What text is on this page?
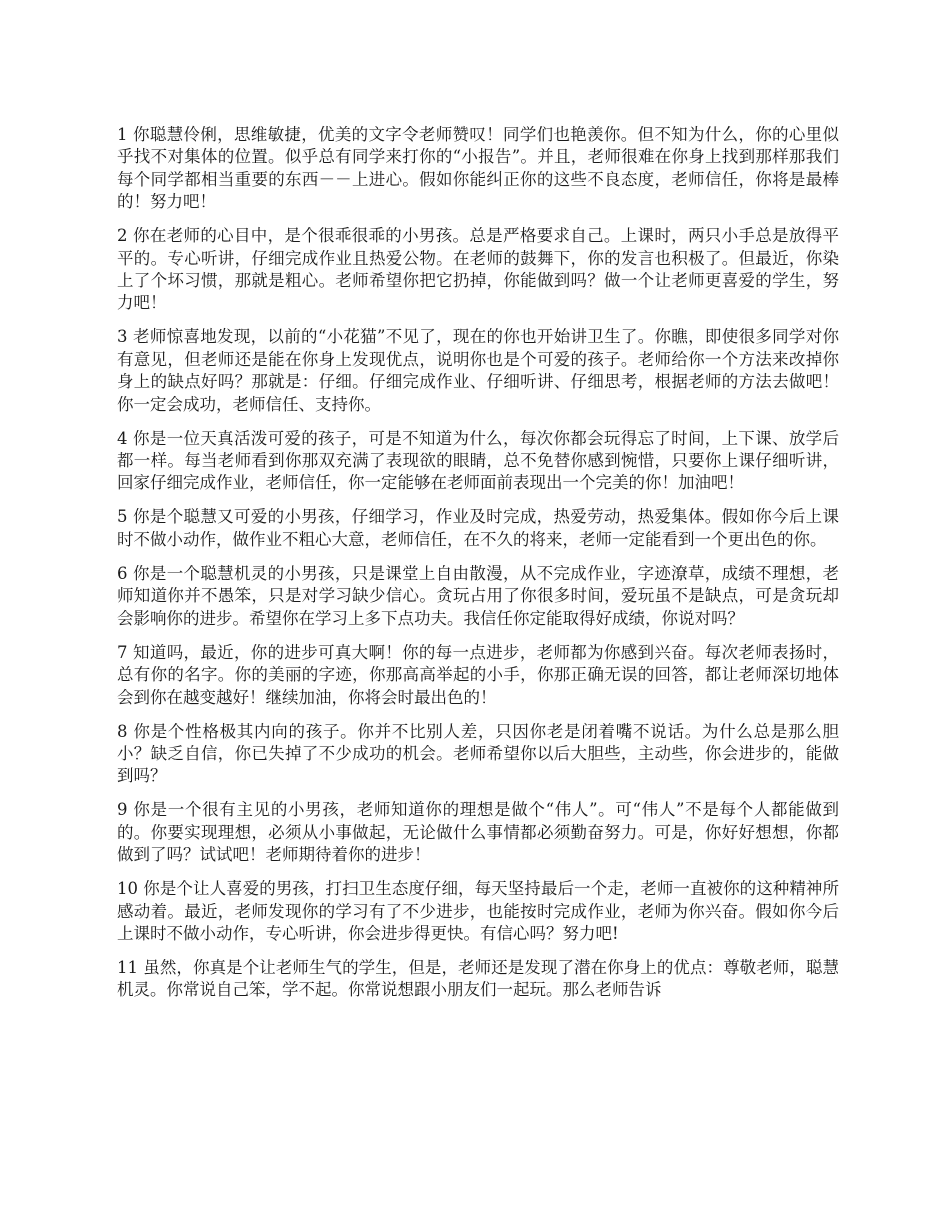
1 你聪慧伶俐，思维敏捷，优美的文字令老师赞叹！同学们也艳羡你。但不知为什么，你的心里似乎找不对集体的位置。似乎总有同学来打你的“小报告”。并且，老师很难在你身上找到那样那我们每个同学都相当重要的东西－－上进心。假如你能纠正你的这些不良态度，老师信任，你将是最棒的！努力吧！

2 你在老师的心目中，是个很乖很乖的小男孩。总是严格要求自己。上课时，两只小手总是放得平平的。专心听讲，仔细完成作业且热爱公物。在老师的鼓舞下，你的发言也积极了。但最近，你染上了个坏习惯，那就是粗心。老师希望你把它扔掉，你能做到吗？做一个让老师更喜爱的学生，努力吧！

3 老师惊喜地发现，以前的“小花猫”不见了，现在的你也开始讲卫生了。你瞧，即使很多同学对你有意见，但老师还是能在你身上发现优点，说明你也是个可爱的孩子。老师给你一个方法来改掉你身上的缺点好吗？那就是：仔细。仔细完成作业、仔细听讲、仔细思考，根据老师的方法去做吧！你一定会成功，老师信任、支持你。

4 你是一位天真活泼可爱的孩子，可是不知道为什么，每次你都会玩得忘了时间，上下课、放学后都一样。每当老师看到你那双充满了表现欲的眼睛，总不免替你感到惋惜，只要你上课仔细听讲，回家仔细完成作业，老师信任，你一定能够在老师面前表现出一个完美的你！加油吧！

5 你是个聪慧又可爱的小男孩，仔细学习，作业及时完成，热爱劳动，热爱集体。假如你今后上课时不做小动作，做作业不粗心大意，老师信任，在不久的将来，老师一定能看到一个更出色的你。

6 你是一个聪慧机灵的小男孩，只是课堂上自由散漫，从不完成作业，字迹潦草，成绩不理想，老师知道你并不愚笨，只是对学习缺少信心。贪玩占用了你很多时间，爱玩虽不是缺点，可是贪玩却会影响你的进步。希望你在学习上多下点功夫。我信任你定能取得好成绩，你说对吗？

7 知道吗，最近，你的进步可真大啊！你的每一点进步，老师都为你感到兴奋。每次老师表扬时，总有你的名字。你的美丽的字迹，你那高高举起的小手，你那正确无误的回答，都让老师深切地体会到你在越变越好！继续加油，你将会时最出色的！

8 你是个性格极其内向的孩子。你并不比别人差，只因你老是闭着嘴不说话。为什么总是那么胆小？缺乏自信，你已失掉了不少成功的机会。老师希望你以后大胆些，主动些，你会进步的，能做到吗？

9 你是一个很有主见的小男孩，老师知道你的理想是做个“伟人”。可“伟人”不是每个人都能做到的。你要实现理想，必须从小事做起，无论做什么事情都必须勤奋努力。可是，你好好想想，你都做到了吗？试试吧！老师期待着你的进步！

10 你是个让人喜爱的男孩，打扫卫生态度仔细，每天坚持最后一个走，老师一直被你的这种精神所感动着。最近，老师发现你的学习有了不少进步，也能按时完成作业，老师为你兴奋。假如你今后上课时不做小动作，专心听讲，你会进步得更快。有信心吗？努力吧!

11 虽然，你真是个让老师生气的学生，但是，老师还是发现了潜在你身上的优点：尊敬老师，聪慧机灵。你常说自己笨，学不起。你常说想跟小朋友们一起玩。那么老师告诉
